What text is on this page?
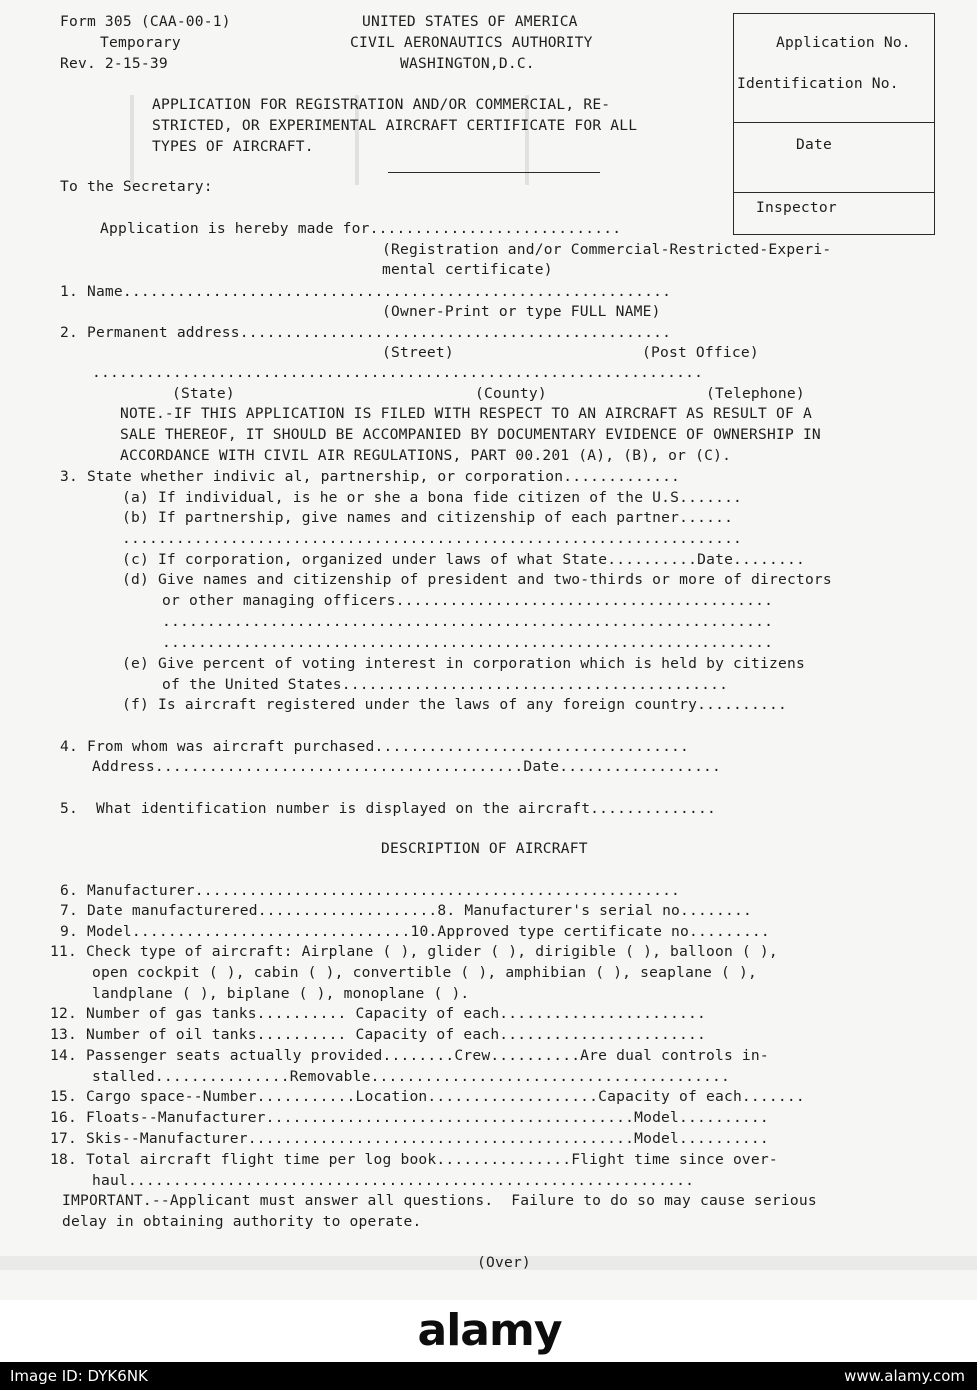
Form 305 (CAA-00-1)
Temporary
Rev. 2-15-39
UNITED STATES OF AMERICA
CIVIL AERONAUTICS AUTHORITY
WASHINGTON,D.C.
Application No.
Identification No.
Date
Inspector
APPLICATION FOR REGISTRATION AND/OR COMMERCIAL, RE-
STRICTED, OR EXPERIMENTAL AIRCRAFT CERTIFICATE FOR ALL
TYPES OF AIRCRAFT.
To the Secretary:
Application is hereby made for............................
(Registration and/or Commercial-Restricted-Experi-
mental certificate)
1. Name.............................................................
(Owner-Print or type FULL NAME)
2. Permanent address................................................
(Street)	(Post Office)
....................................................................
(State)	(County)	(Telephone)
NOTE.-IF THIS APPLICATION IS FILED WITH RESPECT TO AN AIRCRAFT AS RESULT OF A
SALE THEREOF, IT SHOULD BE ACCOMPANIED BY DOCUMENTARY EVIDENCE OF OWNERSHIP IN
ACCORDANCE WITH CIVIL AIR REGULATIONS, PART 00.201 (A), (B), or (C).
3. State whether indivic al, partnership, or corporation.............
(a) If individual, is he or she a bona fide citizen of the U.S.......
(b) If partnership, give names and citizenship of each partner......
.....................................................................
(c) If corporation, organized under laws of what State..........Date........
(d) Give names and citizenship of president and two-thirds or more of directors
or other managing officers..........................................
....................................................................
....................................................................
(e) Give percent of voting interest in corporation which is held by citizens
of the United States...........................................
(f) Is aircraft registered under the laws of any foreign country..........
4. From whom was aircraft purchased...................................
Address.........................................Date..................
5.  What identification number is displayed on the aircraft..............
DESCRIPTION OF AIRCRAFT
6. Manufacturer......................................................
7. Date manufacturered....................8. Manufacturer's serial no........
9. Model...............................10.Approved type certificate no.........
11. Check type of aircraft: Airplane ( ), glider ( ), dirigible ( ), balloon ( ),
open cockpit ( ), cabin ( ), convertible ( ), amphibian ( ), seaplane ( ),
landplane ( ), biplane ( ), monoplane ( ).
12. Number of gas tanks.......... Capacity of each.......................
13. Number of oil tanks.......... Capacity of each.......................
14. Passenger seats actually provided........Crew..........Are dual controls in-
stalled...............Removable........................................
15. Cargo space--Number...........Location...................Capacity of each.......
16. Floats--Manufacturer.........................................Model..........
17. Skis--Manufacturer...........................................Model..........
18. Total aircraft flight time per log book...............Flight time since over-
haul...............................................................
IMPORTANT.--Applicant must answer all questions.  Failure to do so may cause serious
delay in obtaining authority to operate.
(Over)
alamy
Image ID: DYK6NK	www.alamy.com
